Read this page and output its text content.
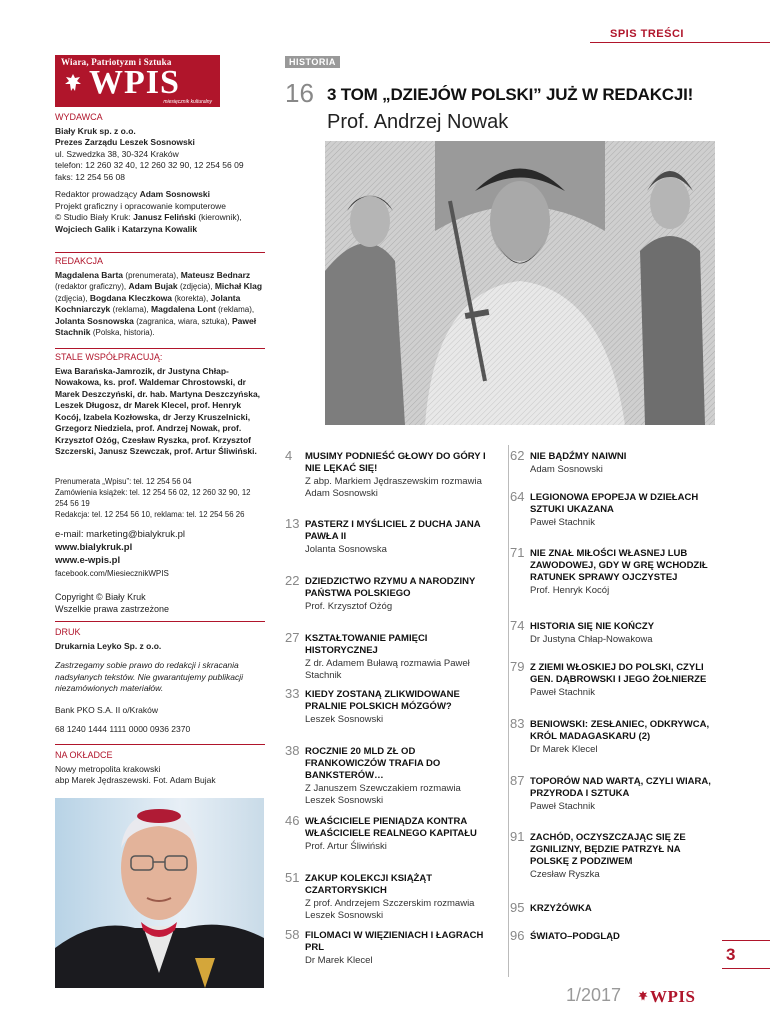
SPIS TREŚCI
Wiara, Patriotyzm i Sztuka
WPIS
miesięcznik kulturalny
WYDAWCA
Biały Kruk sp. z o.o.
Prezes Zarządu Leszek Sosnowski
ul. Szwedzka 38, 30-324 Kraków
telefon: 12 260 32 40, 12 260 32 90, 12 254 56 09
faks: 12 254 56 08
Redaktor prowadzący Adam Sosnowski
Projekt graficzny i opracowanie komputerowe
© Studio Biały Kruk: Janusz Feliński (kierownik),
Wojciech Galik i Katarzyna Kowalik
REDAKCJA
Magdalena Barta (prenumerata), Mateusz Bednarz (redaktor graficzny), Adam Bujak (zdjęcia), Michał Klag (zdjęcia), Bogdana Kleczkowa (korekta), Jolanta Kochniarczyk (reklama), Magdalena Lont (reklama), Jolanta Sosnowska (zagranica, wiara, sztuka), Paweł Stachnik (Polska, historia).
STALE WSPÓŁPRACUJĄ:
Ewa Barańska-Jamrozik, dr Justyna Chłap-Nowakowa, ks. prof. Waldemar Chrostowski, dr Marek Deszczyński, dr. hab. Martyna Deszczyńska, Leszek Długosz, dr Marek Klecel, prof. Henryk Kocój, Izabela Kozłowska, dr Jerzy Kruszelnicki, Grzegorz Niedziela, prof. Andrzej Nowak, prof. Krzysztof Ożóg, Czesław Ryszka, prof. Krzysztof Szczerski, Janusz Szewczak, prof. Artur Śliwiński.
Prenumerata „Wpisu”: tel. 12 254 56 04
Zamówienia książek: tel. 12 254 56 02, 12 260 32 90, 12 254 56 19
Redakcja: tel. 12 254 56 10, reklama: tel. 12 254 56 26
e-mail: marketing@bialykruk.pl
www.bialykruk.pl
www.e-wpis.pl
facebook.com/MiesiecznikWPIS
Copyright © Biały Kruk
Wszelkie prawa zastrzeżone
DRUK
Drukarnia Leyko Sp. z o.o.
Zastrzegamy sobie prawo do redakcji i skracania nadsyłanych tekstów. Nie gwarantujemy publikacji niezamówionych materiałów.
Bank PKO S.A. II o/Kraków
68 1240 1444 1111 0000 0936 2370
NA OKŁADCE
Nowy metropolita krakowski
abp Marek Jędraszewski. Fot. Adam Bujak
HISTORIA
16 3 TOM „DZIEJÓW POLSKI” JUŻ W REDAKCJI!
Prof. Andrzej Nowak
4	MUSIMY PODNIEŚĆ GŁOWY DO GÓRY I NIE LĘKAĆ SIĘ!
Z abp. Markiem Jędraszewskim rozmawia
Adam Sosnowski
13 PASTERZ I MYŚLICIEL Z DUCHA JANA PAWŁA II
Jolanta Sosnowska
22 DZIEDZICTWO RZYMU A NARODZINY PAŃSTWA POLSKIEGO
Prof. Krzysztof Ożóg
27 KSZTAŁTOWANIE PAMIĘCI HISTORYCZNEJ
Z dr. Adamem Buławą rozmawia Paweł
Stachnik
33 KIEDY ZOSTANĄ ZLIKWIDOWANE PRALNIE POLSKICH MÓZGÓW?
Leszek Sosnowski
38 ROCZNIE 20 MLD ZŁ OD FRANKOWICZÓW TRAFIA DO BANKSTERÓW…
Z Januszem Szewczakiem rozmawia
Leszek Sosnowski
46 WŁAŚCICIELE PIENIĄDZA KONTRA WŁAŚCICIELE REALNEGO KAPITAŁU
Prof. Artur Śliwiński
51 ZAKUP KOLEKCJI KSIĄŻĄT CZARTORYSKICH
Z prof. Andrzejem Szczerskim rozmawia
Leszek Sosnowski
58 FILOMACI W WIĘZIENIACH I ŁAGRACH PRL
Dr Marek Klecel
62 NIE BĄDŹMY NAIWNI
Adam Sosnowski
64 LEGIONOWA EPOPEJA W DZIEŁACH SZTUKI UKAZANA
Paweł Stachnik
71 NIE ZNAŁ MIŁOŚCI WŁASNEJ LUB ZAWODOWEJ, GDY W GRĘ WCHODZIŁ RATUNEK SPRAWY OJCZYSTEJ
Prof. Henryk Kocój
74 HISTORIA SIĘ NIE KOŃCZY
Dr Justyna Chłap-Nowakowa
79 Z ZIEMI WŁOSKIEJ DO POLSKI, CZYLI GEN. DĄBROWSKI I JEGO ŻOŁNIERZE
Paweł Stachnik
83 BENIOWSKI: ZESŁANIEC, ODKRYWCA, KRÓL MADAGASKARU (2)
Dr Marek Klecel
87 TOPORÓW NAD WARTĄ, CZYLI WIARA, PRZYRODA I SZTUKA
Paweł Stachnik
91 ZACHÓD, OCZYSZCZAJĄC SIĘ ZE ZGNILIZNY, BĘDZIE PATRZYŁ NA POLSKĘ Z PODZIWEM
Czesław Ryszka
95 KRZYŻÓWKA
96 ŚWIATO–PODGLĄD
3
1/2017	WPIS
